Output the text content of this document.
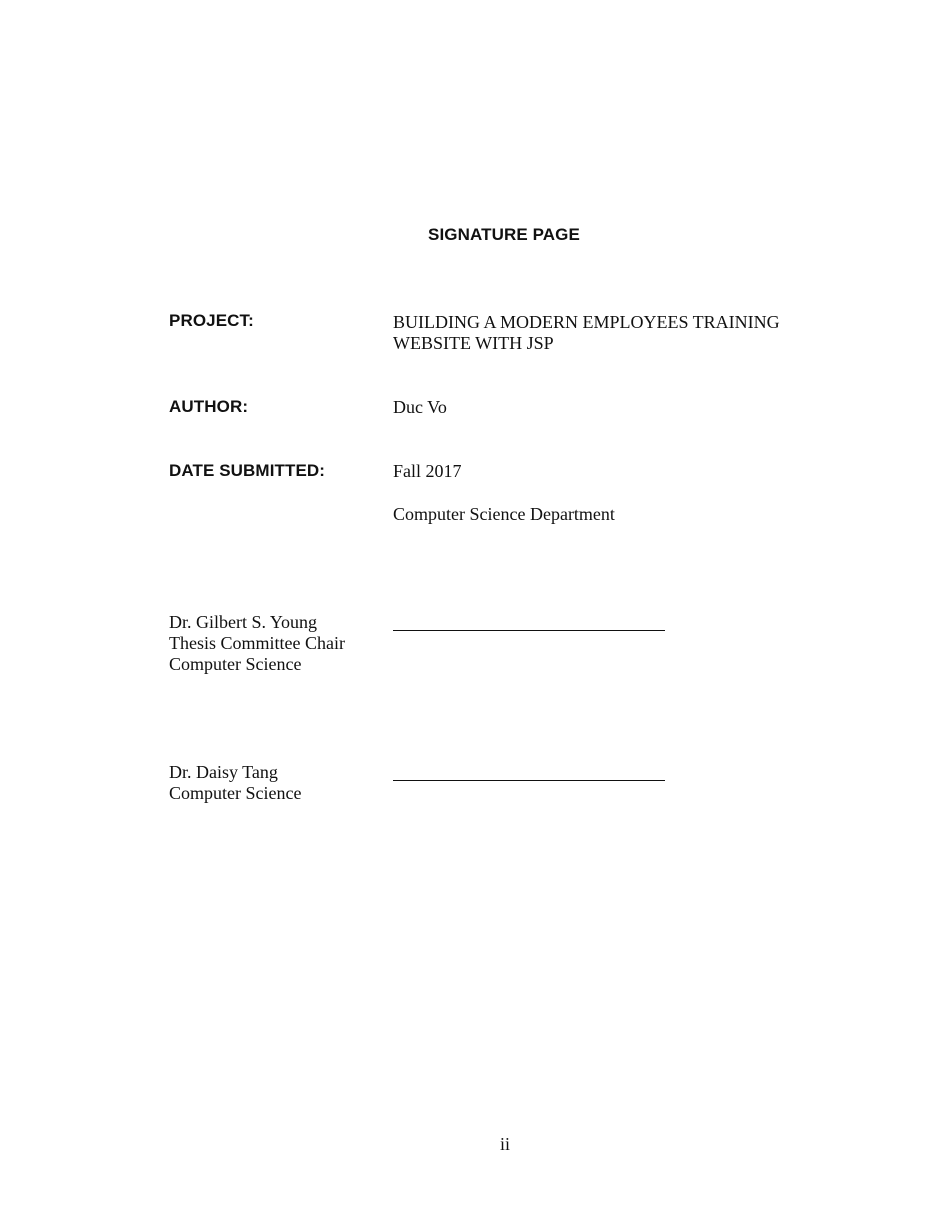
SIGNATURE PAGE
PROJECT:	BUILDING A MODERN EMPLOYEES TRAINING
WEBSITE WITH JSP
AUTHOR:	Duc Vo
DATE SUBMITTED:	Fall 2017
Computer Science Department
Dr. Gilbert S. Young
Thesis Committee Chair
Computer Science
Dr. Daisy Tang
Computer Science
ii
